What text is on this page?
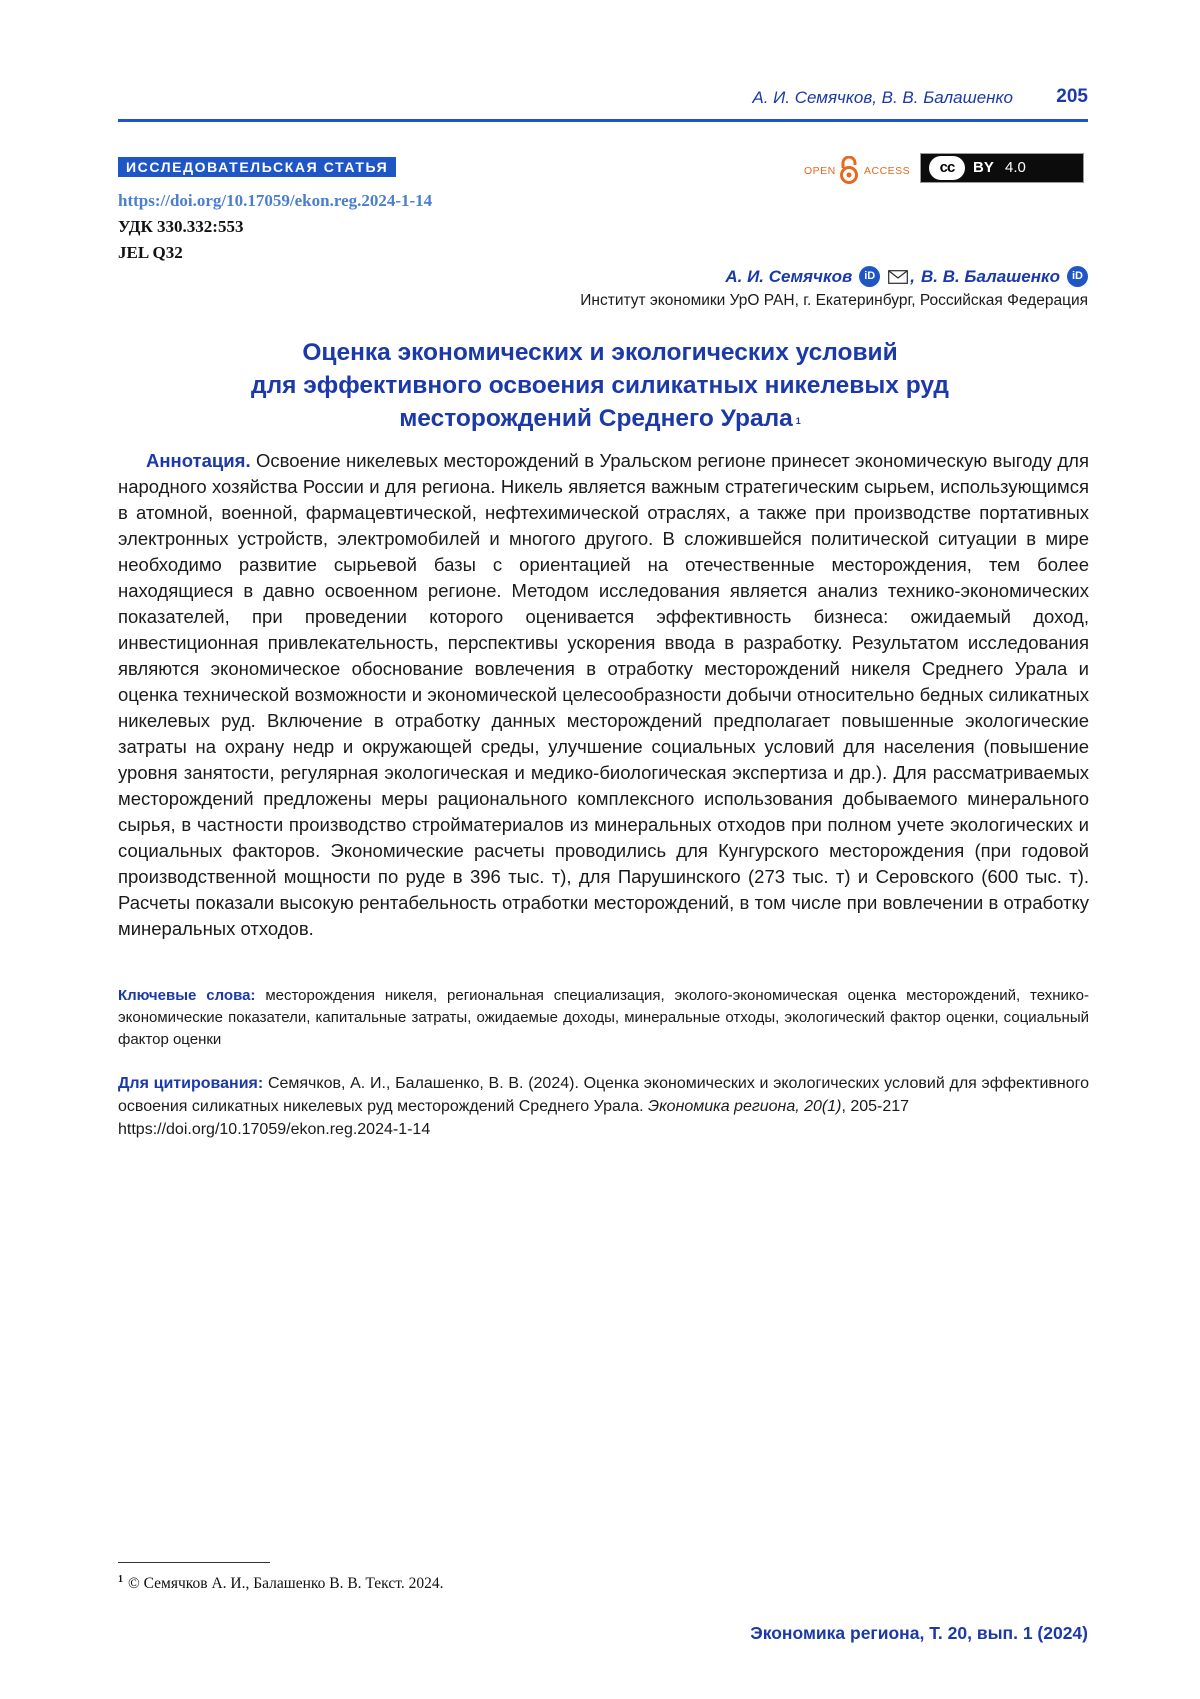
А. И. Семячков, В. В. Балашенко 205
ИССЛЕДОВАТЕЛЬСКАЯ СТАТЬЯ	OPEN	ACCESS	cc	BY 4.0
https://doi.org/10.17059/ekon.reg.2024-1-14
УДК 330.332:553
JEL Q32
А. И. Семячков	iD , В. В. Балашенко	iD
Институт экономики УрО РАН, г. Екатеринбург, Российская Федерация
Оценка экономических и экологических условий
для эффективного освоения силикатных никелевых руд
месторождений Среднего Урала 1
Аннотация. Освоение никелевых месторождений в Уральском регионе принесет экономическую выгоду для народного хозяйства России и для региона. Никель является важным стратегическим сырьем, использующимся в атомной, военной, фармацевтической, нефтехимической отраслях, а также при производстве портативных электронных устройств, электромобилей и многого другого. В сложившейся политической ситуации в мире необходимо развитие сырьевой базы с ориентацией на отечественные месторождения, тем более находящиеся в давно освоенном регионе. Методом исследования является анализ технико-экономических показателей, при проведении которого оценивается эффективность бизнеса: ожидаемый доход, инвестиционная привлекательность, перспективы ускорения ввода в разработку. Результатом исследования являются экономическое обоснование вовлечения в отработку месторождений никеля Среднего Урала и оценка технической возможности и экономической целесообразности добычи относительно бедных силикатных никелевых руд. Включение в отработку данных месторождений предполагает повышенные экологические затраты на охрану недр и окружающей среды, улучшение социальных условий для населения (повышение уровня занятости, регулярная экологическая и медико-биологическая экспертиза и др.). Для рассматриваемых месторождений предложены меры рационального комплексного использования добываемого минерального сырья, в частности производство стройматериалов из минеральных отходов при полном учете экологических и социальных факторов. Экономические расчеты проводились для Кунгурского месторождения (при годовой производственной мощности по руде в 396 тыс. т), для Парушинского (273 тыс. т) и Серовского (600 тыс. т). Расчеты показали высокую рентабельность отработки месторождений, в том числе при вовлечении в отработку минеральных отходов.
Ключевые слова: месторождения никеля, региональная специализация, эколого-экономическая оценка месторождений, технико-экономические показатели, капитальные затраты, ожидаемые доходы, минеральные отходы, экологический фактор оценки, социальный фактор оценки
Для цитирования: Семячков, А. И., Балашенко, В. В. (2024). Оценка экономических и экологических условий для эффективного освоения силикатных никелевых руд месторождений Среднего Урала. Экономика региона, 20(1), 205-217
https://doi.org/10.17059/ekon.reg.2024-1-14
1 © Семячков А. И., Балашенко В. В. Текст. 2024.
Экономика региона, Т. 20, вып. 1 (2024)
